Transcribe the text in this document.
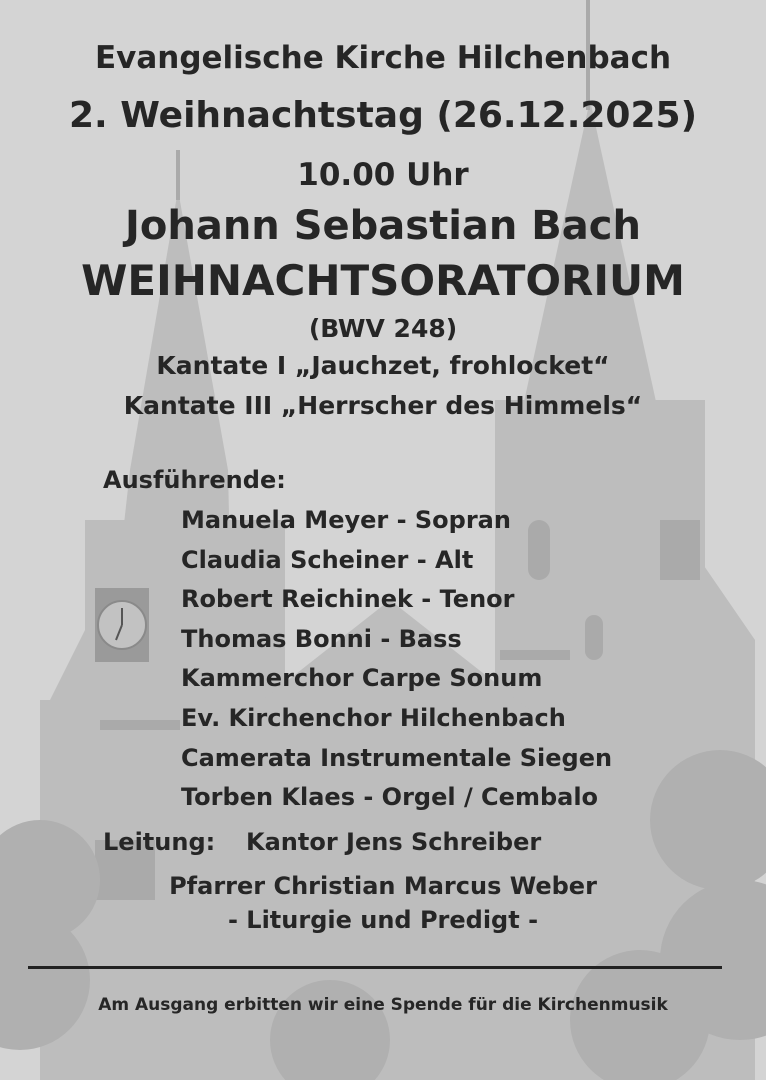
Evangelische Kirche Hilchenbach
2. Weihnachtstag (26.12.2025)
10.00 Uhr
Johann Sebastian Bach
WEIHNACHTSORATORIUM
(BWV 248)
Kantate I „Jauchzet, frohlocket“
Kantate III „Herrscher des Himmels“
Ausführende:
Manuela Meyer - Sopran
Claudia Scheiner - Alt
Robert Reichinek - Tenor
Thomas Bonni - Bass
Kammerchor Carpe Sonum
Ev. Kirchenchor Hilchenbach
Camerata Instrumentale Siegen
Torben Klaes - Orgel / Cembalo
Leitung: Kantor Jens Schreiber
Pfarrer Christian Marcus Weber
- Liturgie und Predigt -
Am Ausgang erbitten wir eine Spende für die Kirchenmusik
